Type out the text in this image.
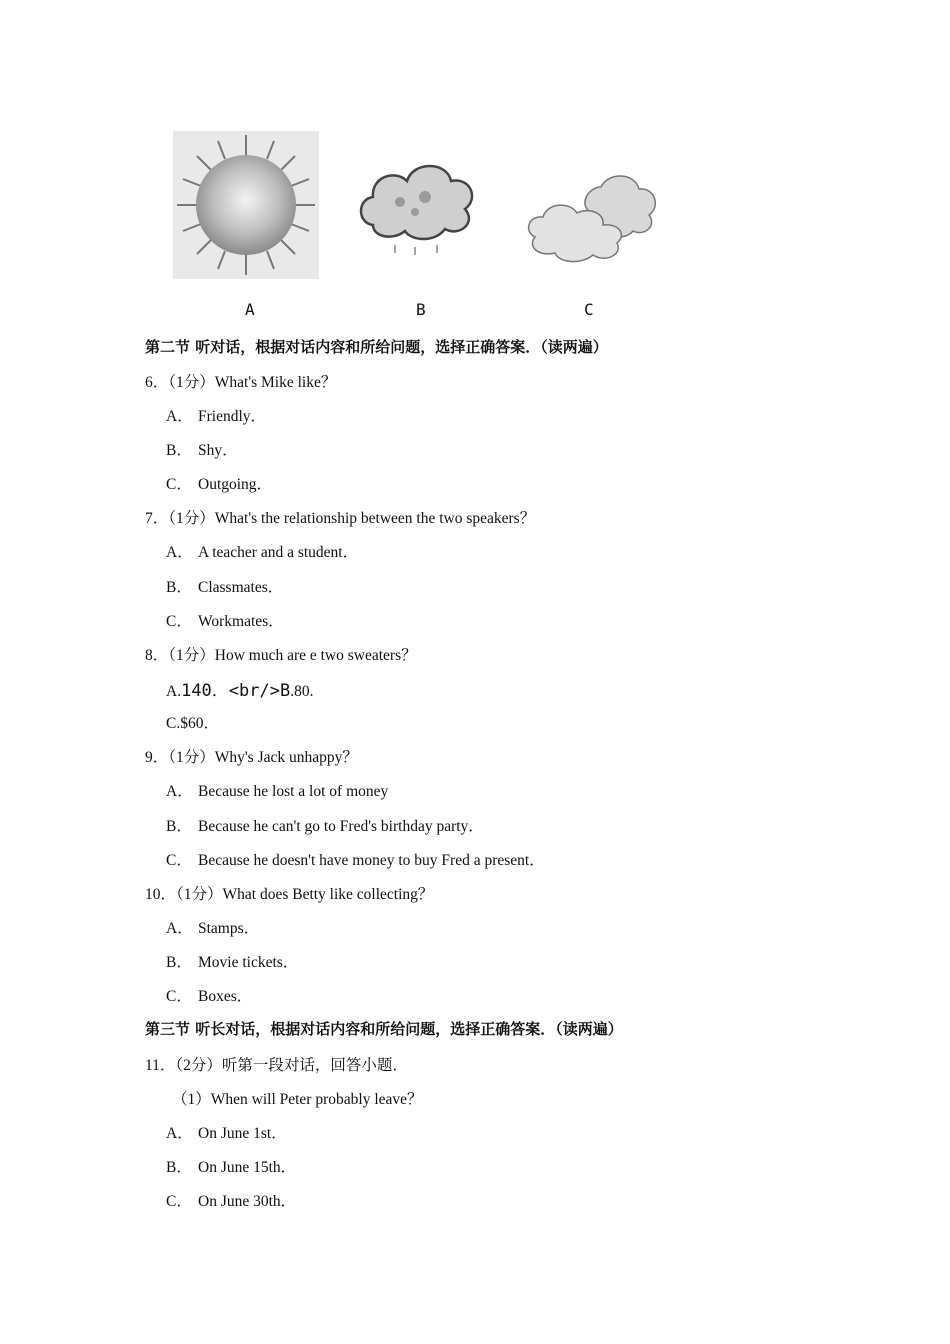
A	B	C
第二节 听对话，根据对话内容和所给问题，选择正确答案．（读两遍）
6．（1分）What's Mike like？
A． Friendly．
B． Shy．
C． Outgoing．
7．（1分）What's the relationship between the two speakers？
A． A teacher and a student．
B． Classmates．
C． Workmates．
8．（1分）How much are e two sweaters？
A.140．<br/>B.80.
C.$60．
9．（1分）Why's Jack unhappy？
A． Because he lost a lot of money
B． Because he can't go to Fred's birthday party．
C． Because he doesn't have money to buy Fred a present．
10．（1分）What does Betty like collecting？
A． Stamps．
B． Movie tickets．
C． Boxes．
第三节 听长对话，根据对话内容和所给问题，选择正确答案．（读两遍）
11．（2分）听第一段对话，回答小题．
（1）When will Peter probably leave？
A． On June 1st．
B． On June 15th．
C． On June 30th．
